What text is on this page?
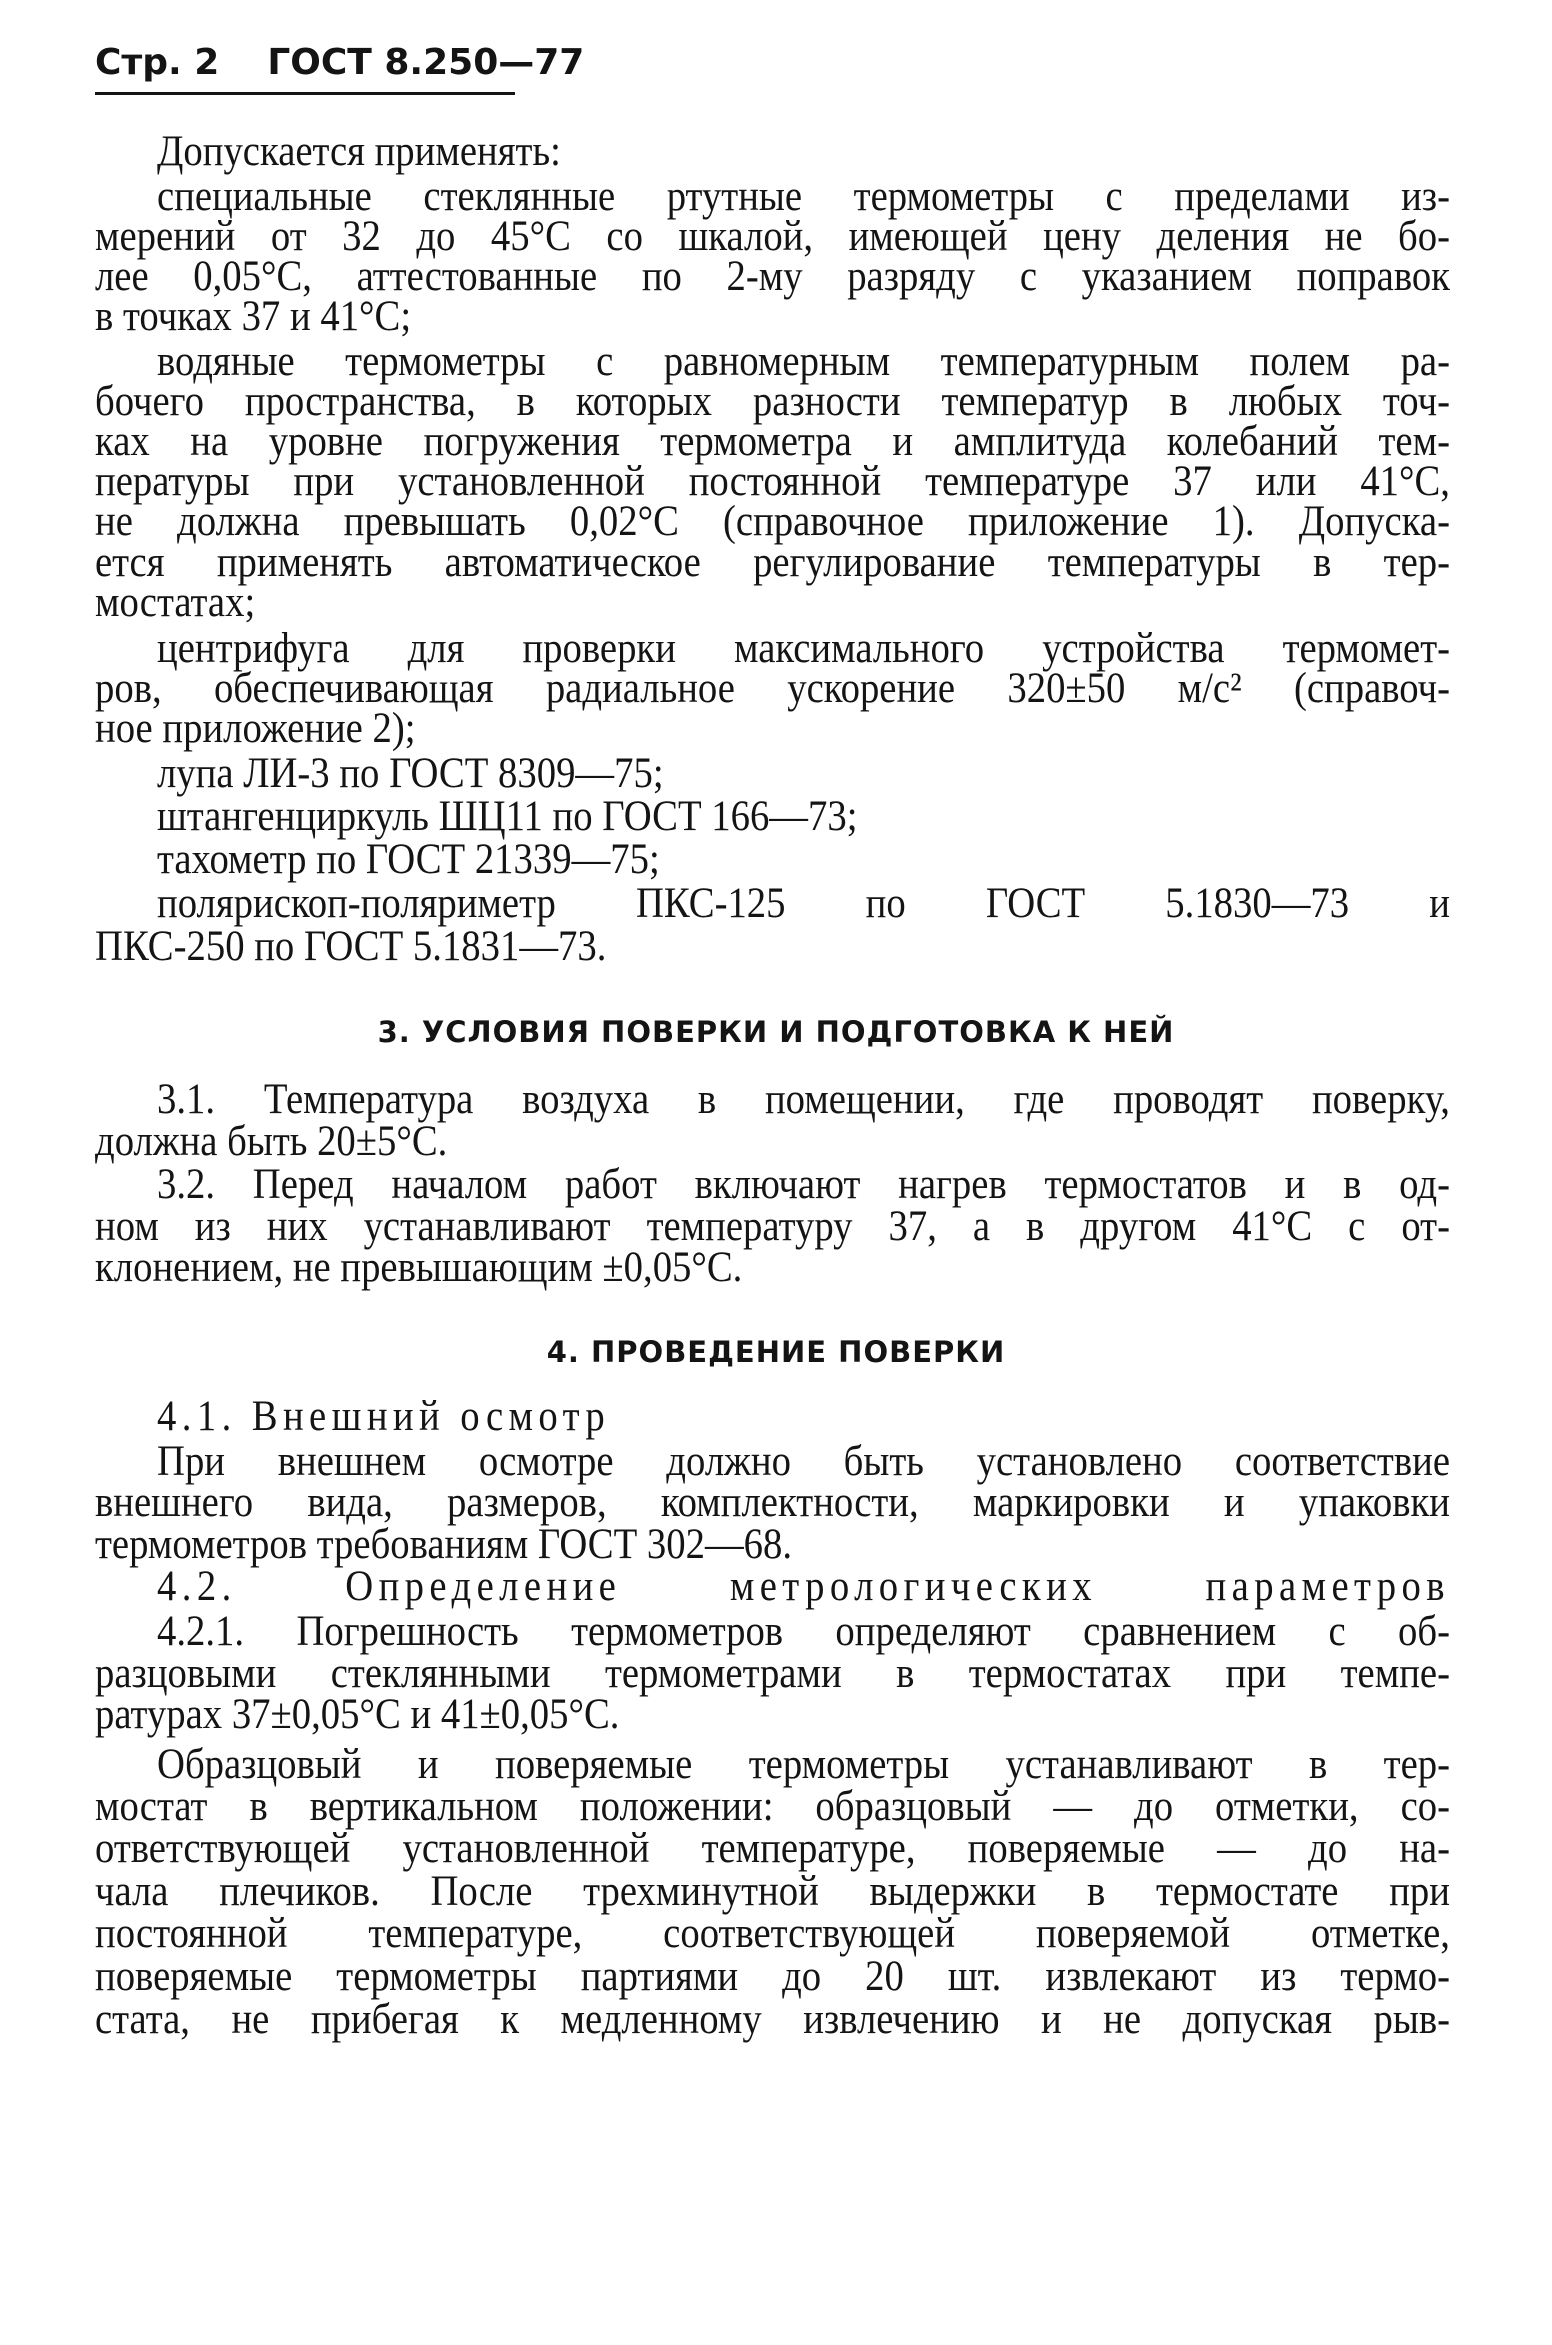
Стр. 2 ГОСТ 8.250—77

Допускается применять:

специальные стеклянные ртутные термометры с пределами из-

мерений от 32 до 45°С со шкалой, имеющей цену деления не бо-

лее 0,05°С, аттестованные по 2-му разряду с указанием поправок

в точках 37 и 41°С;

водяные термометры с равномерным температурным полем ра-

бочего пространства, в которых разности температур в любых точ-

ках на уровне погружения термометра и амплитуда колебаний тем-

пературы при установленной постоянной температуре 37 или 41°С,

не должна превышать 0,02°С (справочное приложение 1). Допуска-

ется применять автоматическое регулирование температуры в тер-

мостатах;

центрифуга для проверки максимального устройства термомет-

ров, обеспечивающая радиальное ускорение 320±50 м/с² (справоч-

ное приложение 2);

лупа ЛИ-3 по ГОСТ 8309—75;

штангенциркуль ШЦ11 по ГОСТ 166—73;

тахометр по ГОСТ 21339—75;

полярископ-поляриметр ПКС-125 по ГОСТ 5.1830—73 и

ПКС-250 по ГОСТ 5.1831—73.

3. УСЛОВИЯ ПОВЕРКИ И ПОДГОТОВКА К НЕЙ

3.1. Температура воздуха в помещении, где проводят поверку,

должна быть 20±5°С.

3.2. Перед началом работ включают нагрев термостатов и в од-

ном из них устанавливают температуру 37, а в другом 41°С с от-

клонением, не превышающим ±0,05°С.

4. ПРОВЕДЕНИЕ ПОВЕРКИ

4.1. Внешний осмотр

При внешнем осмотре должно быть установлено соответствие

внешнего вида, размеров, комплектности, маркировки и упаковки

термометров требованиям ГОСТ 302—68.

4.2. Определение метрологических параметров

4.2.1. Погрешность термометров определяют сравнением с об-

разцовыми стеклянными термометрами в термостатах при темпе-

ратурах 37±0,05°С и 41±0,05°С.

Образцовый и поверяемые термометры устанавливают в тер-

мостат в вертикальном положении: образцовый — до отметки, со-

ответствующей установленной температуре, поверяемые — до на-

чала плечиков. После трехминутной выдержки в термостате при

постоянной температуре, соответствующей поверяемой отметке,

поверяемые термометры партиями до 20 шт. извлекают из термо-

стата, не прибегая к медленному извлечению и не допуская рыв-
